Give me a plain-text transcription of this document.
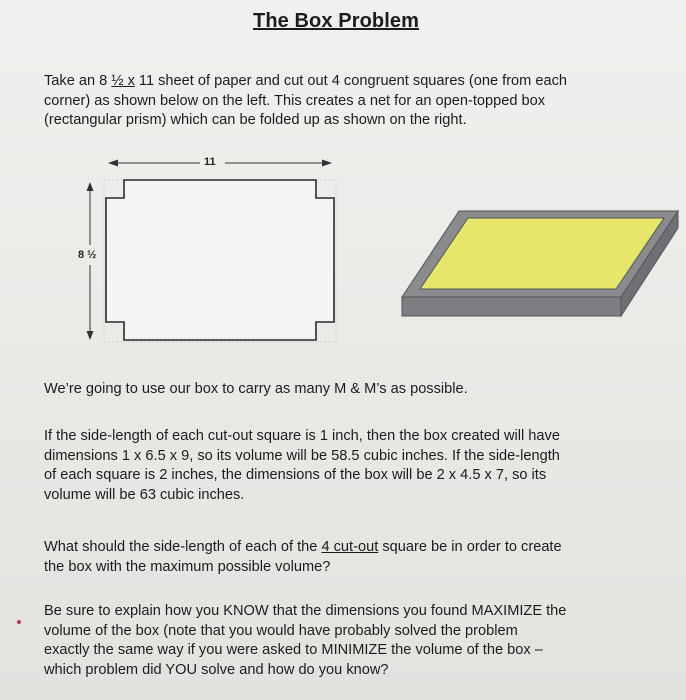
The Box Problem
Take an 8 ½ x 11 sheet of paper and cut out 4 congruent squares (one from each
corner) as shown below on the left. This creates a net for an open-topped box
(rectangular prism) which can be folded up as shown on the right.
11
8 ½
We’re going to use our box to carry as many M & M’s as possible.
If the side-length of each cut-out square is 1 inch, then the box created will have
dimensions 1 x 6.5 x 9, so its volume will be 58.5 cubic inches. If the side-length
of each square is 2 inches, the dimensions of the box will be 2 x 4.5 x 7, so its
volume will be 63 cubic inches.
What should the side-length of each of the 4 cut-out square be in order to create
the box with the maximum possible volume?
Be sure to explain how you KNOW that the dimensions you found MAXIMIZE the
volume of the box (note that you would have probably solved the problem
exactly the same way if you were asked to MINIMIZE the volume of the box –
which problem did YOU solve and how do you know?
